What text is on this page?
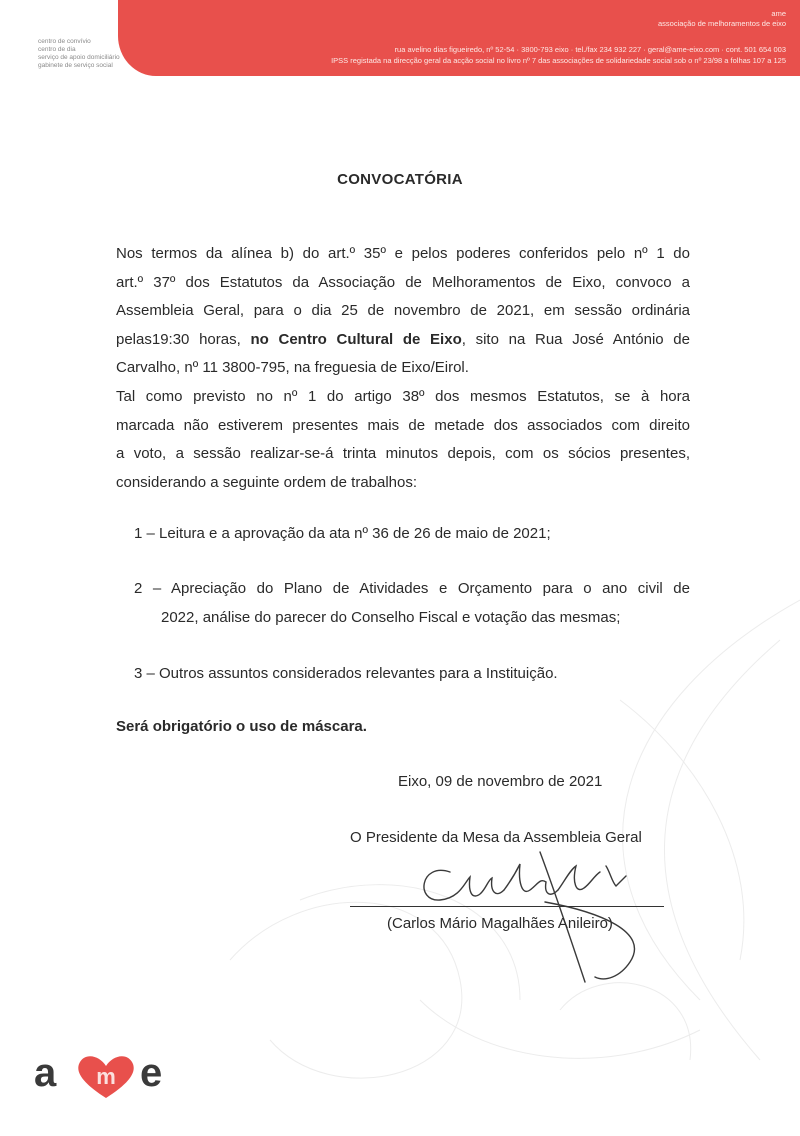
ame
associação de melhoramentos de eixo
rua avelino dias figueiredo, nº 52-54 · 3800-793 eixo · tel./fax 234 932 227 · geral@ame-eixo.com · cont. 501 654 003
IPSS registada na direcção geral da acção social no livro nº 7 das associações de solidariedade social sob o nº 23/98 a folhas 107 a 125
centro de convívio
centro de dia
serviço de apoio domiciliário
gabinete de serviço social
CONVOCATÓRIA
Nos termos da alínea b) do art.º 35º e pelos poderes conferidos pelo nº 1 do
art.º 37º dos Estatutos da Associação de Melhoramentos de Eixo, convoco a
Assembleia Geral, para o dia 25 de novembro de 2021, em sessão ordinária
pelas19:30 horas, no Centro Cultural de Eixo, sito na Rua José António de
Carvalho, nº 11 3800-795, na freguesia de Eixo/Eirol.
Tal como previsto no nº 1 do artigo 38º dos mesmos Estatutos, se à hora
marcada não estiverem presentes mais de metade dos associados com direito
a voto, a sessão realizar-se-á trinta minutos depois, com os sócios presentes,
considerando a seguinte ordem de trabalhos:
1 – Leitura e a aprovação da ata nº 36 de 26 de maio de 2021;
2 – Apreciação do Plano de Atividades e Orçamento para o ano civil de
2022, análise do parecer do Conselho Fiscal e votação das mesmas;
3 – Outros assuntos considerados relevantes para a Instituição.
Será obrigatório o uso de máscara.
Eixo, 09 de novembro de 2021
O Presidente da Mesa da Assembleia Geral
(Carlos Mário Magalhães Anileiro)
a m e
